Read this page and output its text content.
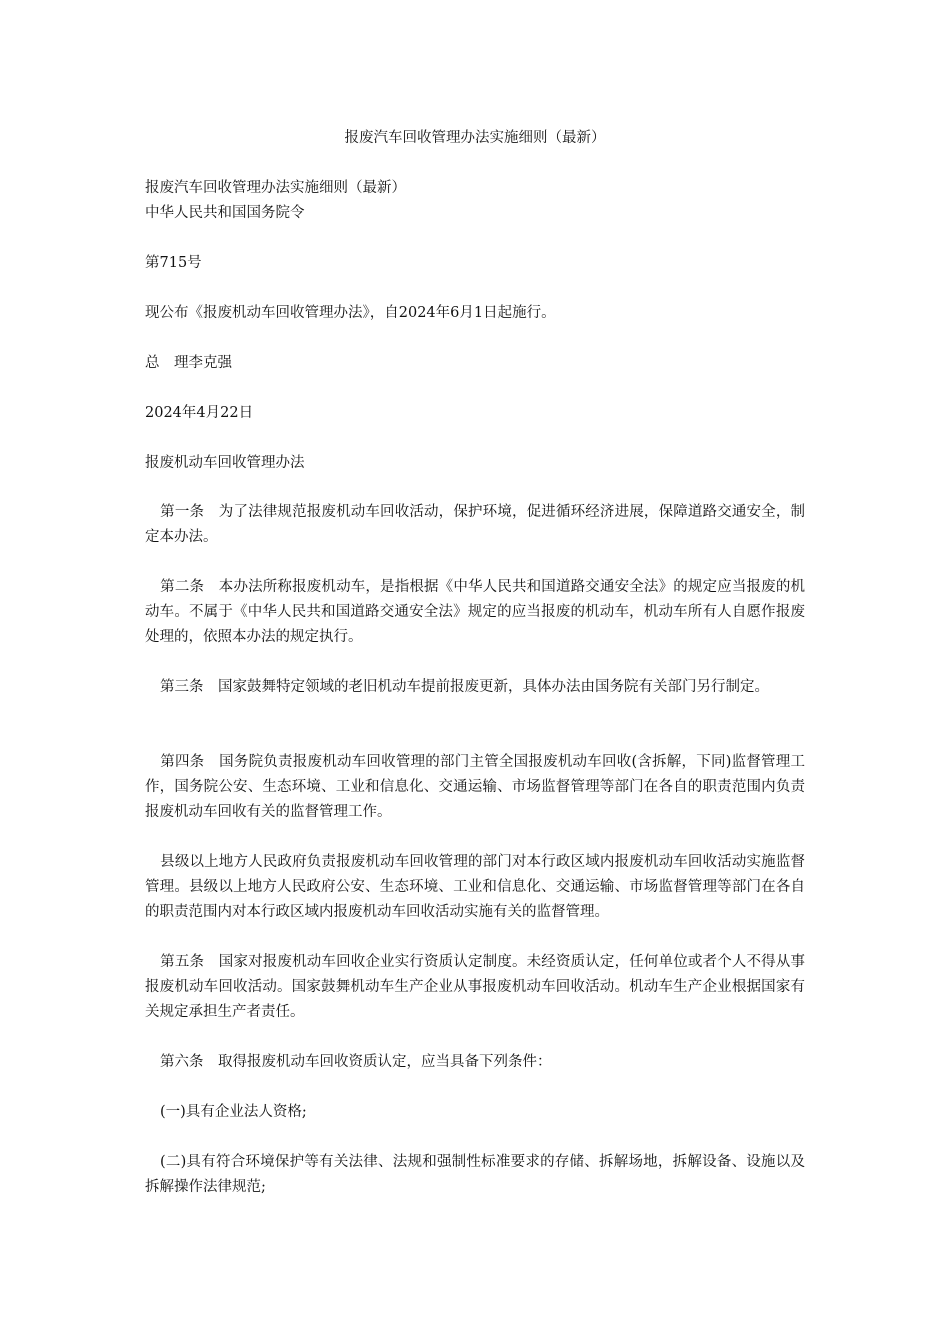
报废汽车回收管理办法实施细则（最新）

报废汽车回收管理办法实施细则（最新）

中华人民共和国国务院令

第715号

现公布《报废机动车回收管理办法》，自2024年6月1日起施行。

总　理李克强

2024年4月22日

报废机动车回收管理办法

第一条　为了法律规范报废机动车回收活动，保护环境，促进循环经济进展，保障道路交通安全，制定本办法。

第二条　本办法所称报废机动车，是指根据《中华人民共和国道路交通安全法》的规定应当报废的机动车。不属于《中华人民共和国道路交通安全法》规定的应当报废的机动车，机动车所有人自愿作报废处理的，依照本办法的规定执行。

第三条　国家鼓舞特定领域的老旧机动车提前报废更新，具体办法由国务院有关部门另行制定。

第四条　国务院负责报废机动车回收管理的部门主管全国报废机动车回收(含拆解，下同)监督管理工作，国务院公安、生态环境、工业和信息化、交通运输、市场监督管理等部门在各自的职责范围内负责报废机动车回收有关的监督管理工作。

县级以上地方人民政府负责报废机动车回收管理的部门对本行政区域内报废机动车回收活动实施监督管理。县级以上地方人民政府公安、生态环境、工业和信息化、交通运输、市场监督管理等部门在各自的职责范围内对本行政区域内报废机动车回收活动实施有关的监督管理。

第五条　国家对报废机动车回收企业实行资质认定制度。未经资质认定，任何单位或者个人不得从事报废机动车回收活动。国家鼓舞机动车生产企业从事报废机动车回收活动。机动车生产企业根据国家有关规定承担生产者责任。

第六条　取得报废机动车回收资质认定，应当具备下列条件：

(一)具有企业法人资格;

(二)具有符合环境保护等有关法律、法规和强制性标准要求的存储、拆解场地，拆解设备、设施以及拆解操作法律规范;
